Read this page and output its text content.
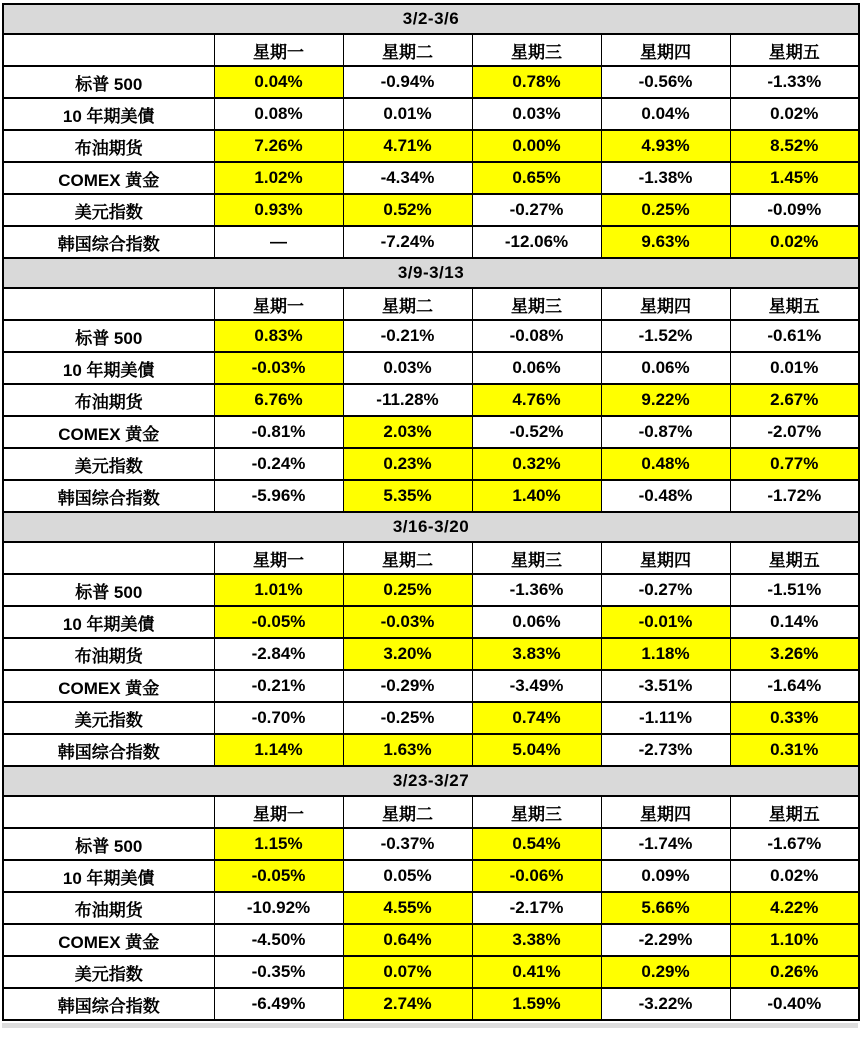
3/2-3/6					
	星期一	星期二	星期三	星期四	星期五
标普 500	0.04%	-0.94%	0.78%	-0.56%	-1.33%
10 年期美債	0.08%	0.01%	0.03%	0.04%	0.02%
布油期货	7.26%	4.71%	0.00%	4.93%	8.52%
COMEX 黄金	1.02%	-4.34%	0.65%	-1.38%	1.45%
美元指数	0.93%	0.52%	-0.27%	0.25%	-0.09%
韩国综合指数	—	-7.24%	-12.06%	9.63%	0.02%
3/9-3/13					
	星期一	星期二	星期三	星期四	星期五
标普 500	0.83%	-0.21%	-0.08%	-1.52%	-0.61%
10 年期美債	-0.03%	0.03%	0.06%	0.06%	0.01%
布油期货	6.76%	-11.28%	4.76%	9.22%	2.67%
COMEX 黄金	-0.81%	2.03%	-0.52%	-0.87%	-2.07%
美元指数	-0.24%	0.23%	0.32%	0.48%	0.77%
韩国综合指数	-5.96%	5.35%	1.40%	-0.48%	-1.72%
3/16-3/20					
	星期一	星期二	星期三	星期四	星期五
标普 500	1.01%	0.25%	-1.36%	-0.27%	-1.51%
10 年期美債	-0.05%	-0.03%	0.06%	-0.01%	0.14%
布油期货	-2.84%	3.20%	3.83%	1.18%	3.26%
COMEX 黄金	-0.21%	-0.29%	-3.49%	-3.51%	-1.64%
美元指数	-0.70%	-0.25%	0.74%	-1.11%	0.33%
韩国综合指数	1.14%	1.63%	5.04%	-2.73%	0.31%
3/23-3/27					
	星期一	星期二	星期三	星期四	星期五
标普 500	1.15%	-0.37%	0.54%	-1.74%	-1.67%
10 年期美債	-0.05%	0.05%	-0.06%	0.09%	0.02%
布油期货	-10.92%	4.55%	-2.17%	5.66%	4.22%
COMEX 黄金	-4.50%	0.64%	3.38%	-2.29%	1.10%
美元指数	-0.35%	0.07%	0.41%	0.29%	0.26%
韩国综合指数	-6.49%	2.74%	1.59%	-3.22%	-0.40%
